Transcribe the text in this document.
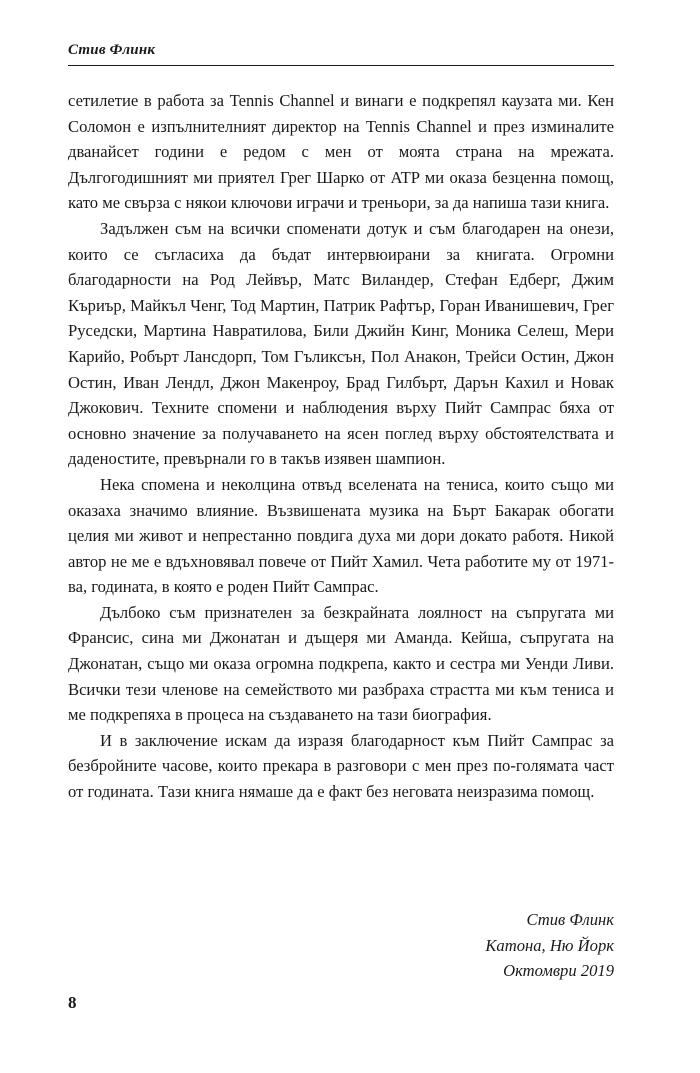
Стив Флинк

сетилетие в работа за Tennis Channel и винаги е подкрепял каузата ми. Кен Соломон е изпълнителният директор на Tennis Channel и през изминалите дванайсет години е редом с мен от моята страна на мрежата. Дългогодишният ми приятел Грег Шарко от ATP ми оказа безценна помощ, като ме свърза с някои ключови играчи и треньори, за да напиша тази книга.

Задължен съм на всички споменати дотук и съм благодарен на онези, които се съгласиха да бъдат интервюирани за книгата. Огромни благодарности на Род Лейвър, Матс Виландер, Стефан Едберг, Джим Къриър, Майкъл Ченг, Тод Мартин, Патрик Рафтър, Горан Иванишевич, Грег Руседски, Мартина Навратилова, Били Джийн Кинг, Моника Селеш, Мери Карийо, Робърт Лансдорп, Том Гъликсън, Пол Анакон, Трейси Остин, Джон Остин, Иван Лендл, Джон Макенроу, Брад Гилбърт, Дарън Кахил и Новак Джокович. Техните спомени и наблюдения върху Пийт Сампрас бяха от основно значение за получаването на ясен поглед върху обстоятелствата и даденостите, превърнали го в такъв изявен шампион.

Нека спомена и неколцина отвъд вселената на тениса, които също ми оказаха значимо влияние. Възвишената музика на Бърт Бакарак обогати целия ми живот и непрестанно повдига духа ми дори докато работя. Никой автор не ме е вдъхновявал повече от Пийт Хамил. Чета работите му от 1971-ва, годината, в която е роден Пийт Сампрас.

Дълбоко съм признателен за безкрайната лоялност на съпругата ми Франсис, сина ми Джонатан и дъщеря ми Аманда. Кейша, съпругата на Джонатан, също ми оказа огромна подкрепа, както и сестра ми Уенди Ливи. Всички тези членове на семейството ми разбраха страстта ми към тениса и ме подкрепяха в процеса на създаването на тази биография.

И в заключение искам да изразя благодарност към Пийт Сампрас за безбройните часове, които прекара в разговори с мен през по-голямата част от годината. Тази книга нямаше да е факт без неговата неизразима помощ.

Стив Флинк
Катона, Ню Йорк
Октомври 2019
8
